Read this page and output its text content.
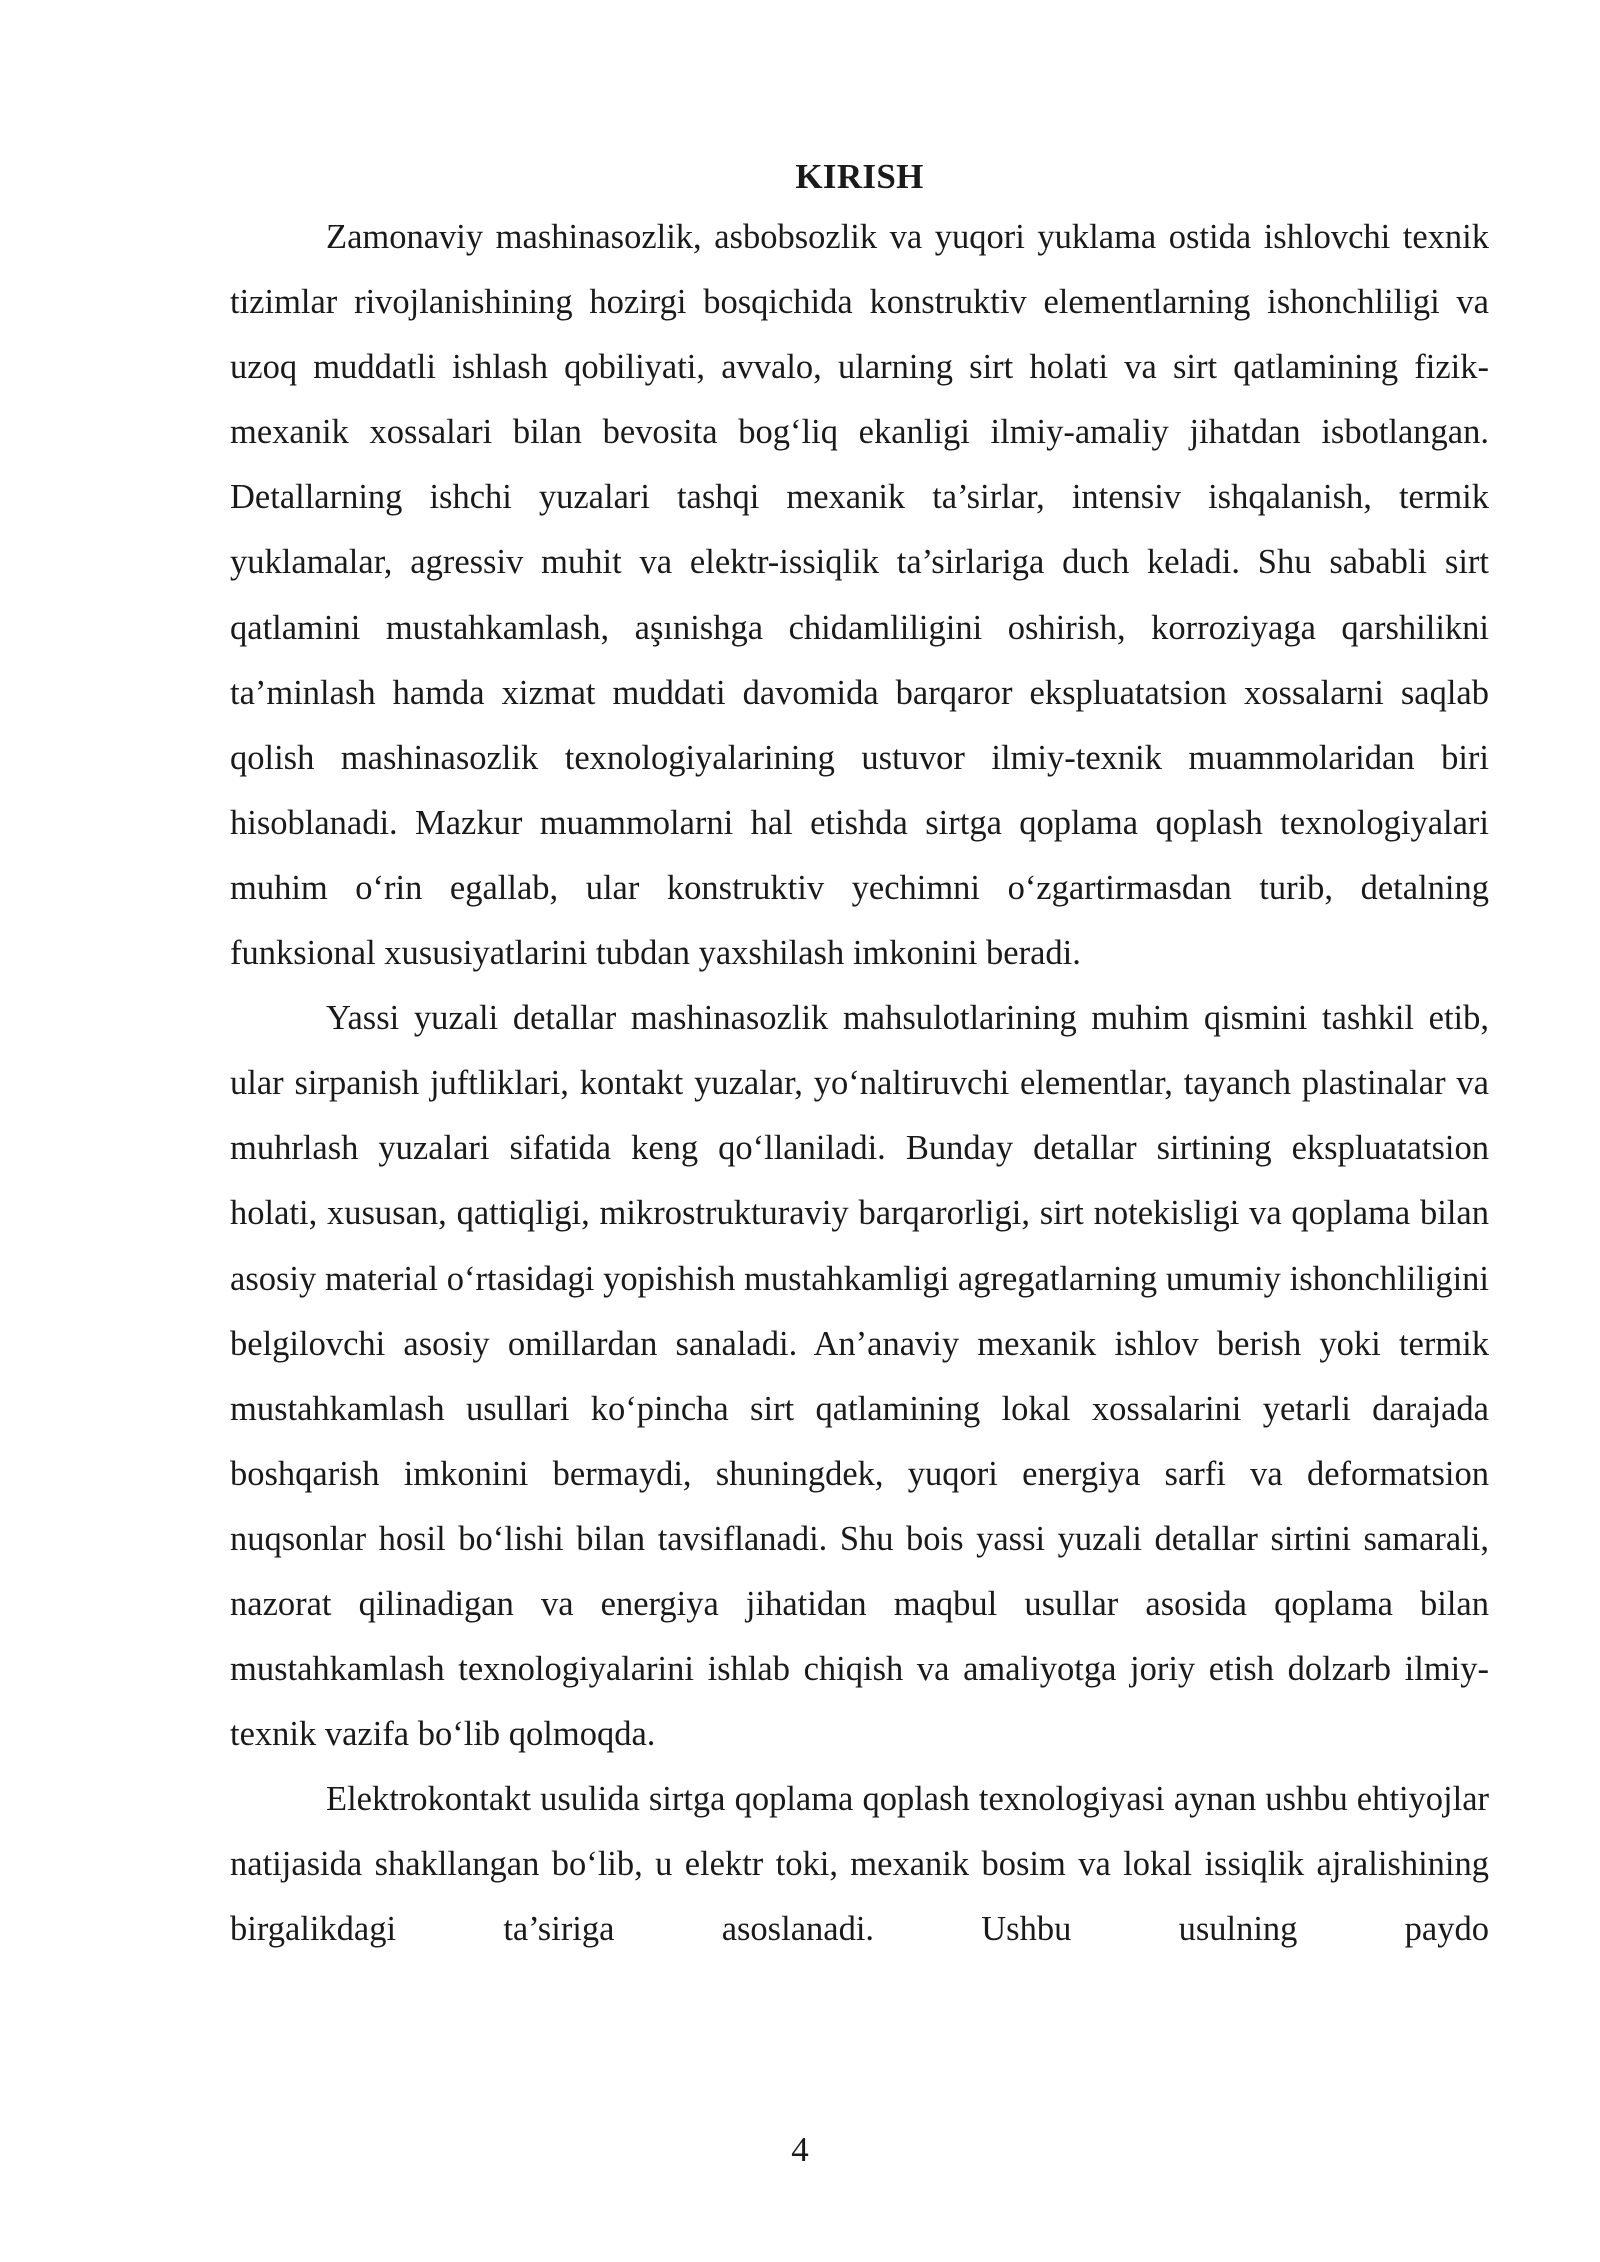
KIRISH

Zamonaviy mashinasozlik, asbobsozlik va yuqori yuklama ostida ishlovchi texnik tizimlar rivojlanishining hozirgi bosqichida konstruktiv elementlarning ishonchliligi va uzoq muddatli ishlash qobiliyati, avvalo, ularning sirt holati va sirt qatlamining fizik-mexanik xossalari bilan bevosita bog‘liq ekanligi ilmiy-amaliy jihatdan isbotlangan. Detallarning ishchi yuzalari tashqi mexanik ta’sirlar, intensiv ishqalanish, termik yuklamalar, agressiv muhit va elektr-issiqlik ta’sirlariga duch keladi. Shu sababli sirt qatlamini mustahkamlash, aşınishga chidamliligini oshirish, korroziyaga qarshilikni ta’minlash hamda xizmat muddati davomida barqaror ekspluatatsion xossalarni saqlab qolish mashinasozlik texnologiyalarining ustuvor ilmiy-texnik muammolaridan biri hisoblanadi. Mazkur muammolarni hal etishda sirtga qoplama qoplash texnologiyalari muhim o‘rin egallab, ular konstruktiv yechimni o‘zgartirmasdan turib, detalning funksional xususiyatlarini tubdan yaxshilash imkonini beradi.

Yassi yuzali detallar mashinasozlik mahsulotlarining muhim qismini tashkil etib, ular sirpanish juftliklari, kontakt yuzalar, yo‘naltiruvchi elementlar, tayanch plastinalar va muhrlash yuzalari sifatida keng qo‘llaniladi. Bunday detallar sirtining ekspluatatsion holati, xususan, qattiqligi, mikrostrukturaviy barqarorligi, sirt notekisligi va qoplama bilan asosiy material o‘rtasidagi yopishish mustahkamligi agregatlarning umumiy ishonchliligini belgilovchi asosiy omillardan sanaladi. An’anaviy mexanik ishlov berish yoki termik mustahkamlash usullari ko‘pincha sirt qatlamining lokal xossalarini yetarli darajada boshqarish imkonini bermaydi, shuningdek, yuqori energiya sarfi va deformatsion nuqsonlar hosil bo‘lishi bilan tavsiflanadi. Shu bois yassi yuzali detallar sirtini samarali, nazorat qilinadigan va energiya jihatidan maqbul usullar asosida qoplama bilan mustahkamlash texnologiyalarini ishlab chiqish va amaliyotga joriy etish dolzarb ilmiy-texnik vazifa bo‘lib qolmoqda.

Elektrokontakt usulida sirtga qoplama qoplash texnologiyasi aynan ushbu ehtiyojlar natijasida shakllangan bo‘lib, u elektr toki, mexanik bosim va lokal issiqlik ajralishining birgalikdagi ta’siriga asoslanadi. Ushbu usulning paydo

4
